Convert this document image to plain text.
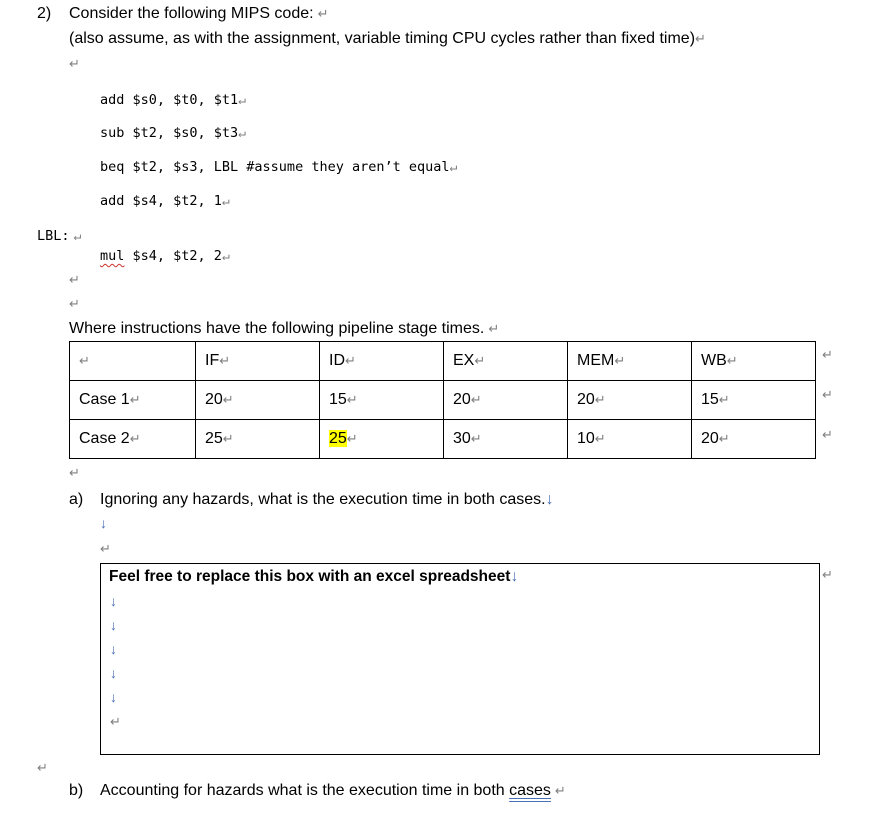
2) Consider the following MIPS code: ↵
(also assume, as with the assignment, variable timing CPU cycles rather than fixed time)↵
↵
add $s0, $t0, $t1↵
sub $t2, $s0, $t3↵
beq $t2, $s3, LBL #assume they aren’t equal↵
add $s4, $t2, 1↵
LBL: ↵
mul $s4, $t2, 2↵
↵
↵
Where instructions have the following pipeline stage times. ↵
↵	IF↵	ID↵	EX↵	MEM↵	WB↵
Case 1↵	20↵	15↵	20↵	20↵	15↵
Case 2↵	25↵	25↵	30↵	10↵	20↵
↵
↵
↵
↵
a) Ignoring any hazards, what is the execution time in both cases.↓
↓
↵
Feel free to replace this box with an excel spreadsheet↓
↓
↓
↓
↓
↓
↵
↵
↵
b) Accounting for hazards what is the execution time in both cases ↵
